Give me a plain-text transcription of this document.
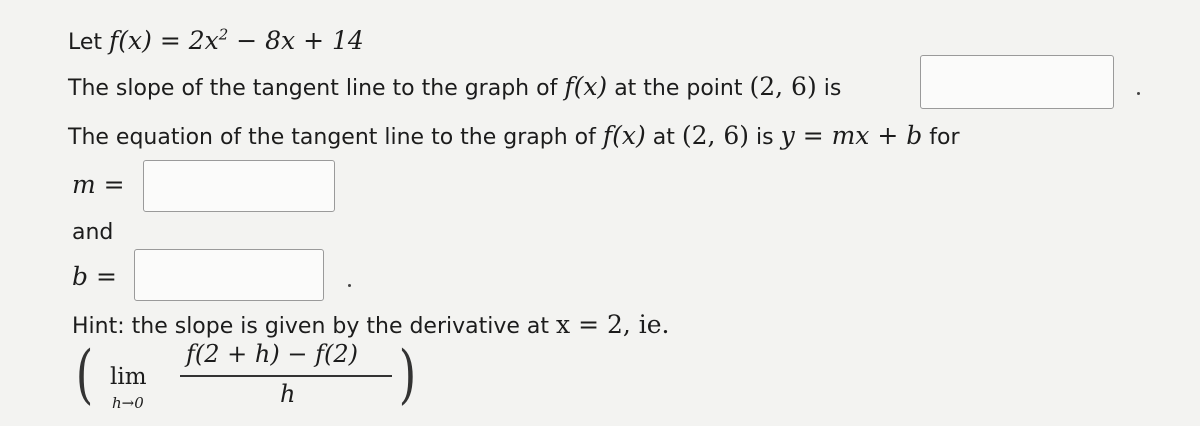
Let $f(x) = 2x^2 - 8x + 14$
The slope of the tangent line to the graph of f(x) at the point (2, 6) is
The equation of the tangent line to the graph of f(x) at (2, 6) is y = mx + b for
m =
and
b =
Hint: the slope is given by the derivative at x = 2, ie.
( lim
h→0
f(2 + h) − f(2)
h )
